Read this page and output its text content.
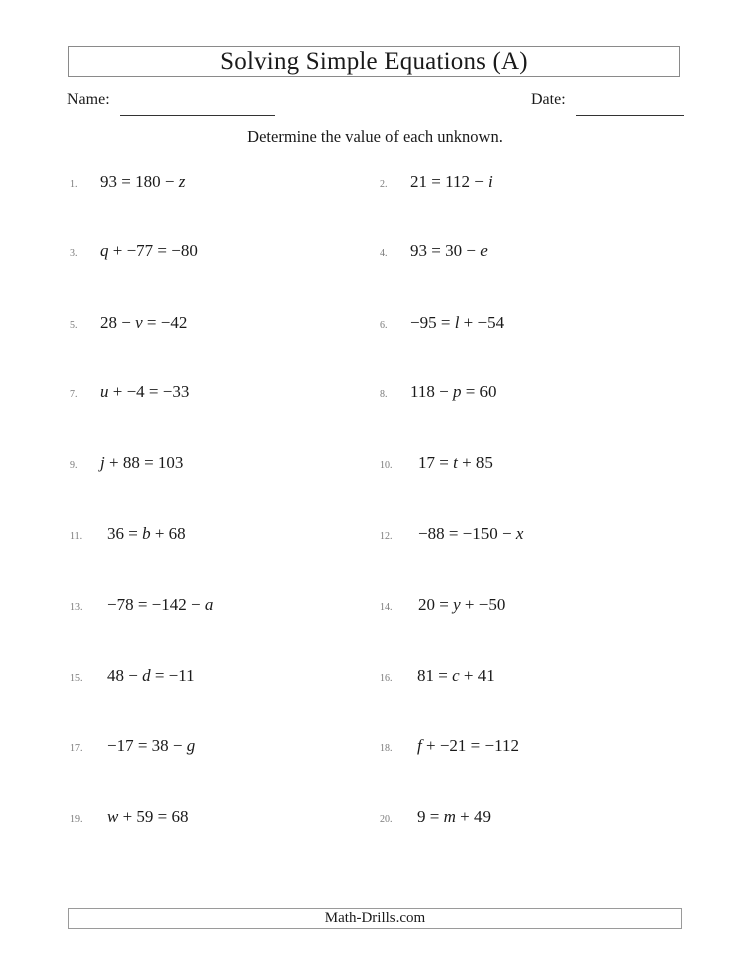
Solving Simple Equations (A)
Name:	Date:
Determine the value of each unknown.
1.	93 = 180 − z	2.	21 = 112 − i
3.	q + −77 = −80	4.	93 = 30 − e
5.	28 − v = −42	6.	−95 = l + −54
7.	u + −4 = −33	8.	118 − p = 60
9.	j + 88 = 103	10.	17 = t + 85
11.	36 = b + 68	12.	−88 = −150 − x
13.	−78 = −142 − a	14.	20 = y + −50
15.	48 − d = −11	16.	81 = c + 41
17.	−17 = 38 − g	18.	f + −21 = −112
19.	w + 59 = 68	20.	9 = m + 49
Math-Drills.com
